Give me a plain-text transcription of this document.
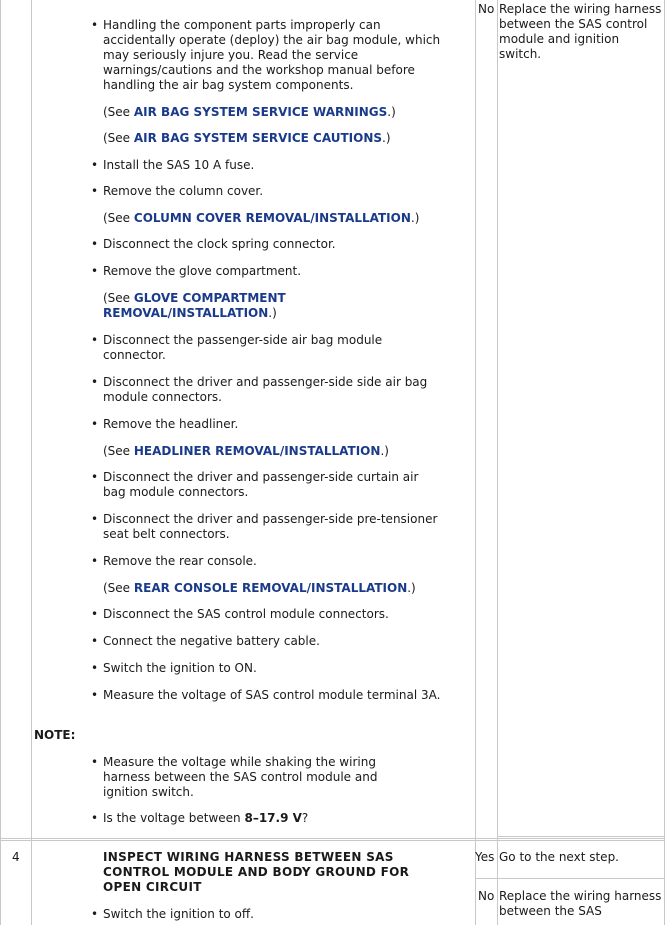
• Handling the component parts improperly can accidentally operate (deploy) the air bag module, which may seriously injure you. Read the service warnings/cautions and the workshop manual before handling the air bag system components.
(See AIR BAG SYSTEM SERVICE WARNINGS.)
(See AIR BAG SYSTEM SERVICE CAUTIONS.)
• Install the SAS 10 A fuse.
• Remove the column cover.
(See COLUMN COVER REMOVAL/INSTALLATION.)
• Disconnect the clock spring connector.
• Remove the glove compartment.
(See GLOVE COMPARTMENT REMOVAL/INSTALLATION.)
• Disconnect the passenger-side air bag module connector.
• Disconnect the driver and passenger-side side air bag module connectors.
• Remove the headliner.
(See HEADLINER REMOVAL/INSTALLATION.)
• Disconnect the driver and passenger-side curtain air bag module connectors.
• Disconnect the driver and passenger-side pre-tensioner seat belt connectors.
• Remove the rear console.
(See REAR CONSOLE REMOVAL/INSTALLATION.)
• Disconnect the SAS control module connectors.
• Connect the negative battery cable.
• Switch the ignition to ON.
• Measure the voltage of SAS control module terminal 3A.
NOTE:
• Measure the voltage while shaking the wiring harness between the SAS control module and ignition switch.
• Is the voltage between 8–17.9 V?
No Replace the wiring harness between the SAS control module and ignition switch.
4	INSPECT WIRING HARNESS BETWEEN SAS CONTROL MODULE AND BODY GROUND FOR OPEN CIRCUIT
• Switch the ignition to off.
Yes Go to the next step.
No Replace the wiring harness between the SAS
